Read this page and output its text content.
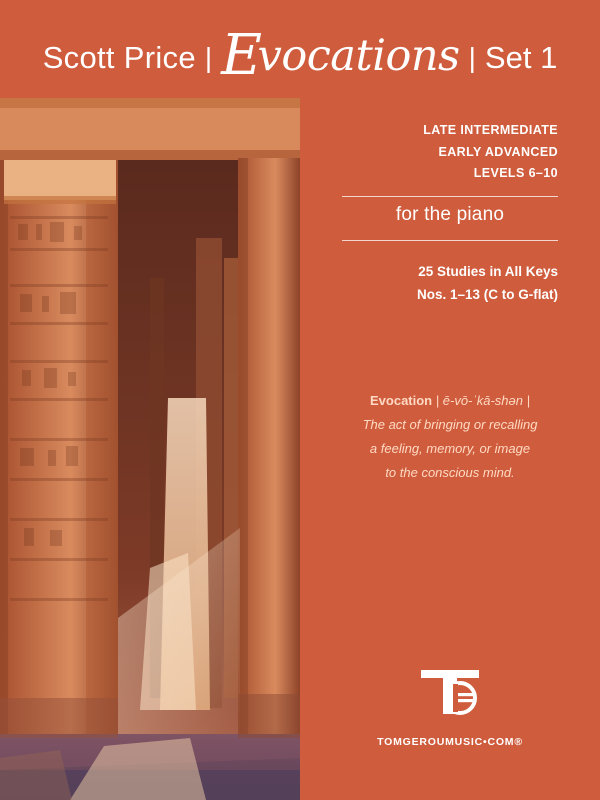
Scott Price | Evocations | Set 1
LATE INTERMEDIATE
EARLY ADVANCED
LEVELS 6–10
for the piano
25 Studies in All Keys
Nos. 1–13 (C to G-flat)
Evocation | ē-vō-ˈkā-shən |
The act of bringing or recalling
a feeling, memory, or image
to the conscious mind.
TOMGEROUMUSIC•COM®
